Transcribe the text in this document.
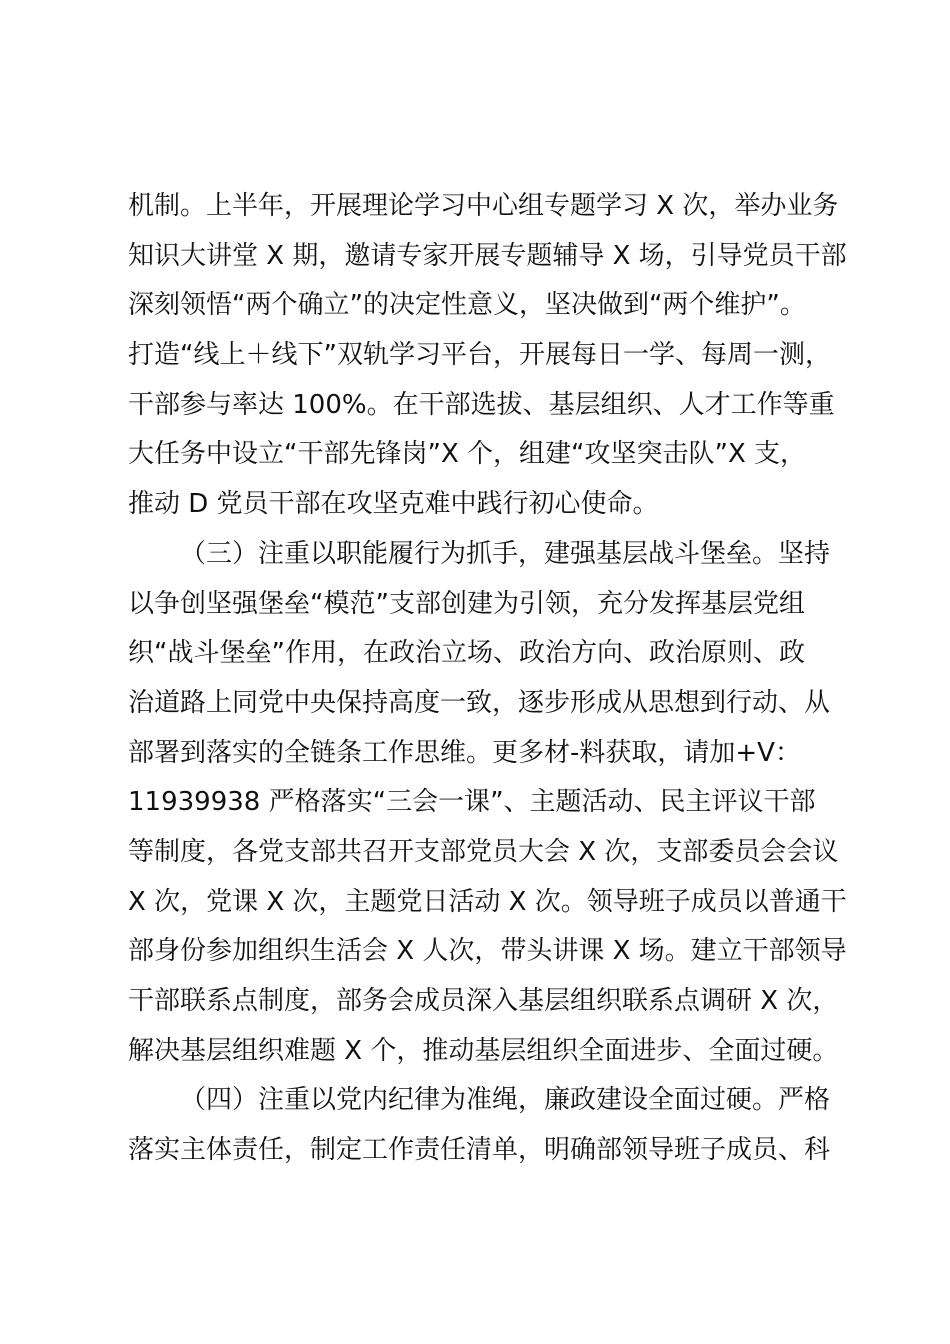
机制。上半年，开展理论学习中心组专题学习 X 次，举办业务
知识大讲堂 X 期，邀请专家开展专题辅导 X 场，引导党员干部
深刻领悟“两个确立”的决定性意义，坚决做到“两个维护”。
打造“线上＋线下”双轨学习平台，开展每日一学、每周一测，
干部参与率达 100%。在干部选拔、基层组织、人才工作等重
大任务中设立“干部先锋岗”X 个，组建“攻坚突击队”X 支，
推动 D 党员干部在攻坚克难中践行初心使命。
（三）注重以职能履行为抓手，建强基层战斗堡垒。坚持
以争创坚强堡垒“模范”支部创建为引领，充分发挥基层党组
织“战斗堡垒”作用，在政治立场、政治方向、政治原则、政
治道路上同党中央保持高度一致，逐步形成从思想到行动、从
部署到落实的全链条工作思维。更多材-料获取，请加+V：
11939938 严格落实“三会一课”、主题活动、民主评议干部
等制度，各党支部共召开支部党员大会 X 次，支部委员会会议
X 次，党课 X 次，主题党日活动 X 次。领导班子成员以普通干
部身份参加组织生活会 X 人次，带头讲课 X 场。建立干部领导
干部联系点制度，部务会成员深入基层组织联系点调研 X 次，
解决基层组织难题 X 个，推动基层组织全面进步、全面过硬。
（四）注重以党内纪律为准绳，廉政建设全面过硬。严格
落实主体责任，制定工作责任清单，明确部领导班子成员、科
